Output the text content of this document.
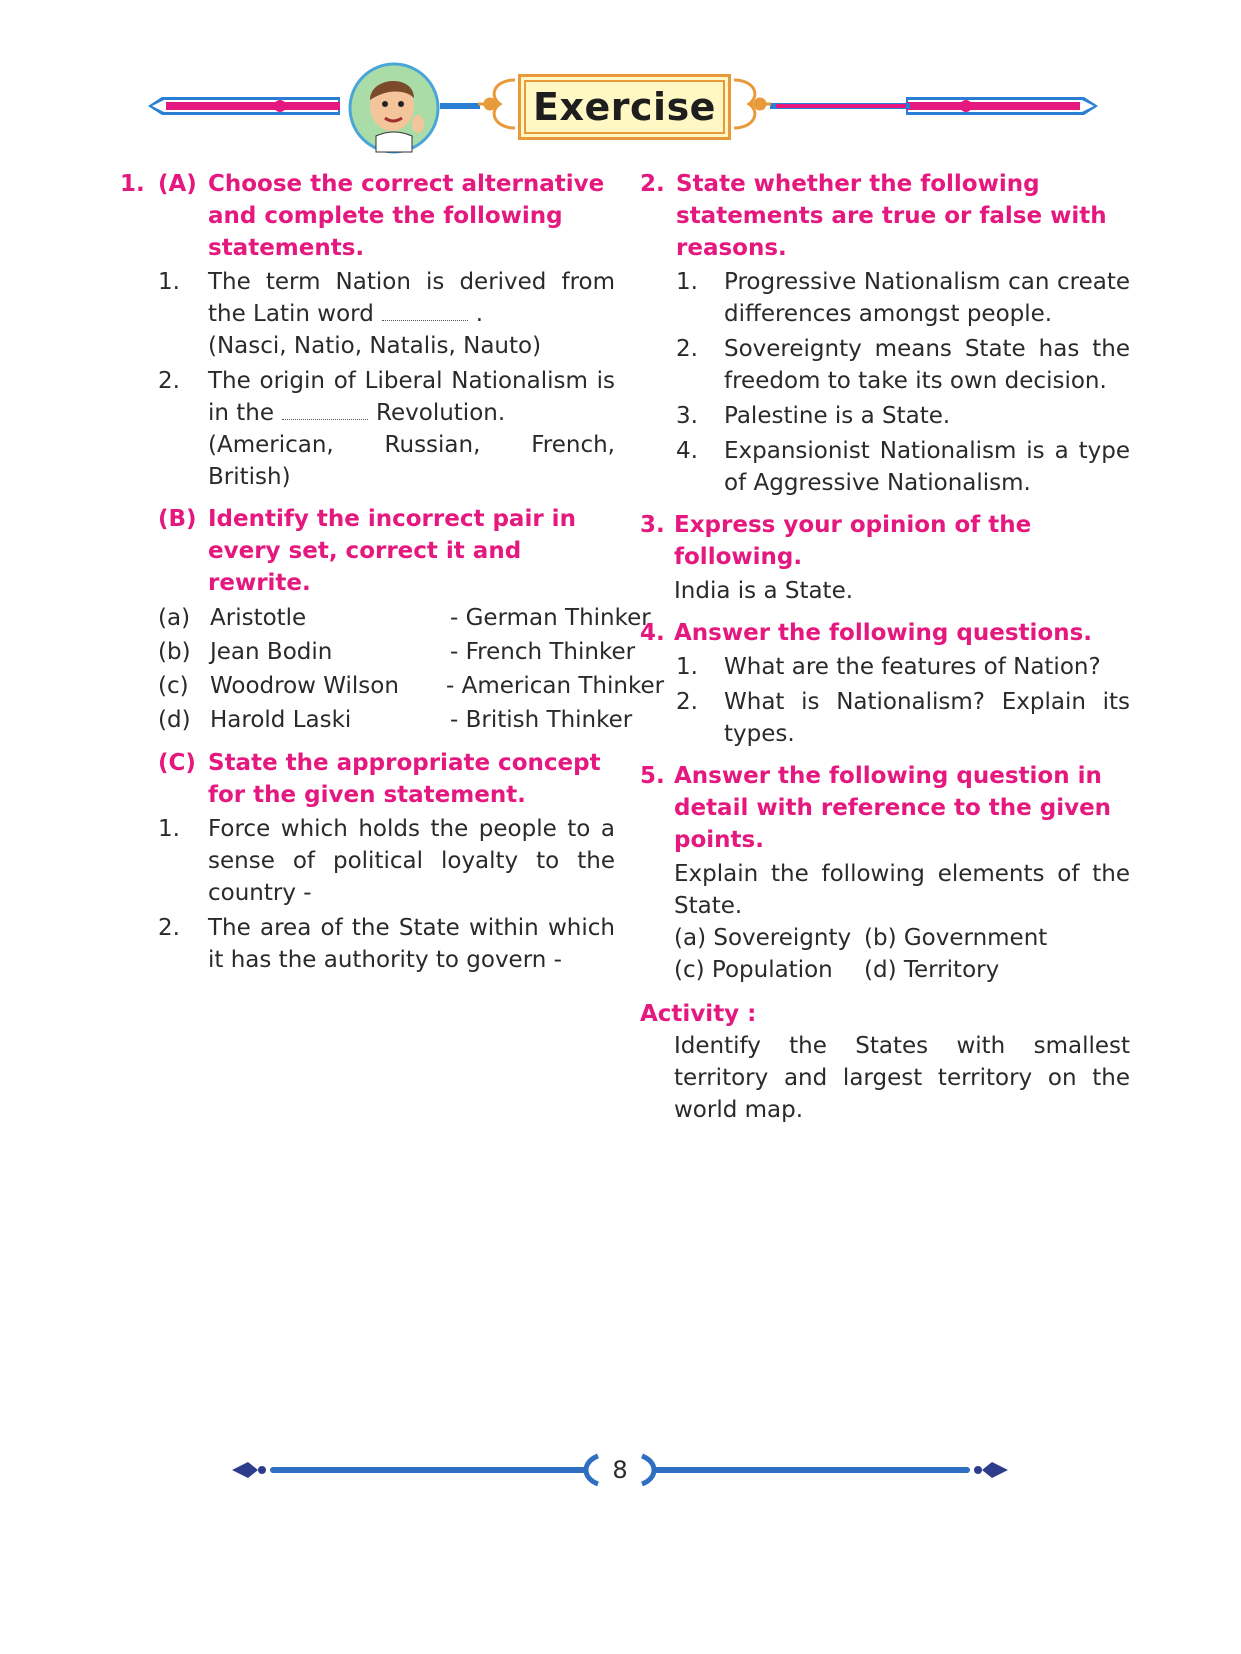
Exercise
1. (A) Choose the correct alternative and complete the following statements.
1. The term Nation is derived from the Latin word	.
(Nasci, Natio, Natalis, Nauto)
2. The origin of Liberal Nationalism is in the	Revolution.
(American, Russian, French, British)
(B) Identify the incorrect pair in every set, correct it and rewrite.
(a) Aristotle	- German Thinker
(b) Jean Bodin	- French Thinker
(c) Woodrow Wilson - American Thinker
(d) Harold Laski	- British Thinker
(C) State the appropriate concept for the given statement.
1. Force which holds the people to a sense of political loyalty to the country -
2. The area of the State within which it has the authority to govern -
2. State whether the following statements are true or false with reasons.
1. Progressive Nationalism can create differences amongst people.
2. Sovereignty means State has the freedom to take its own decision.
3. Palestine is a State.
4. Expansionist Nationalism is a type of Aggressive Nationalism.
3. Express your opinion of the following.
India is a State.
4. Answer the following questions.
1. What are the features of Nation?
2. What is Nationalism? Explain its types.
5. Answer the following question in detail with reference to the given points.
Explain the following elements of the State.
(a) Sovereignty (b) Government
(c) Population (d) Territory
Activity :
Identify the States with smallest territory and largest territory on the world map.
8
